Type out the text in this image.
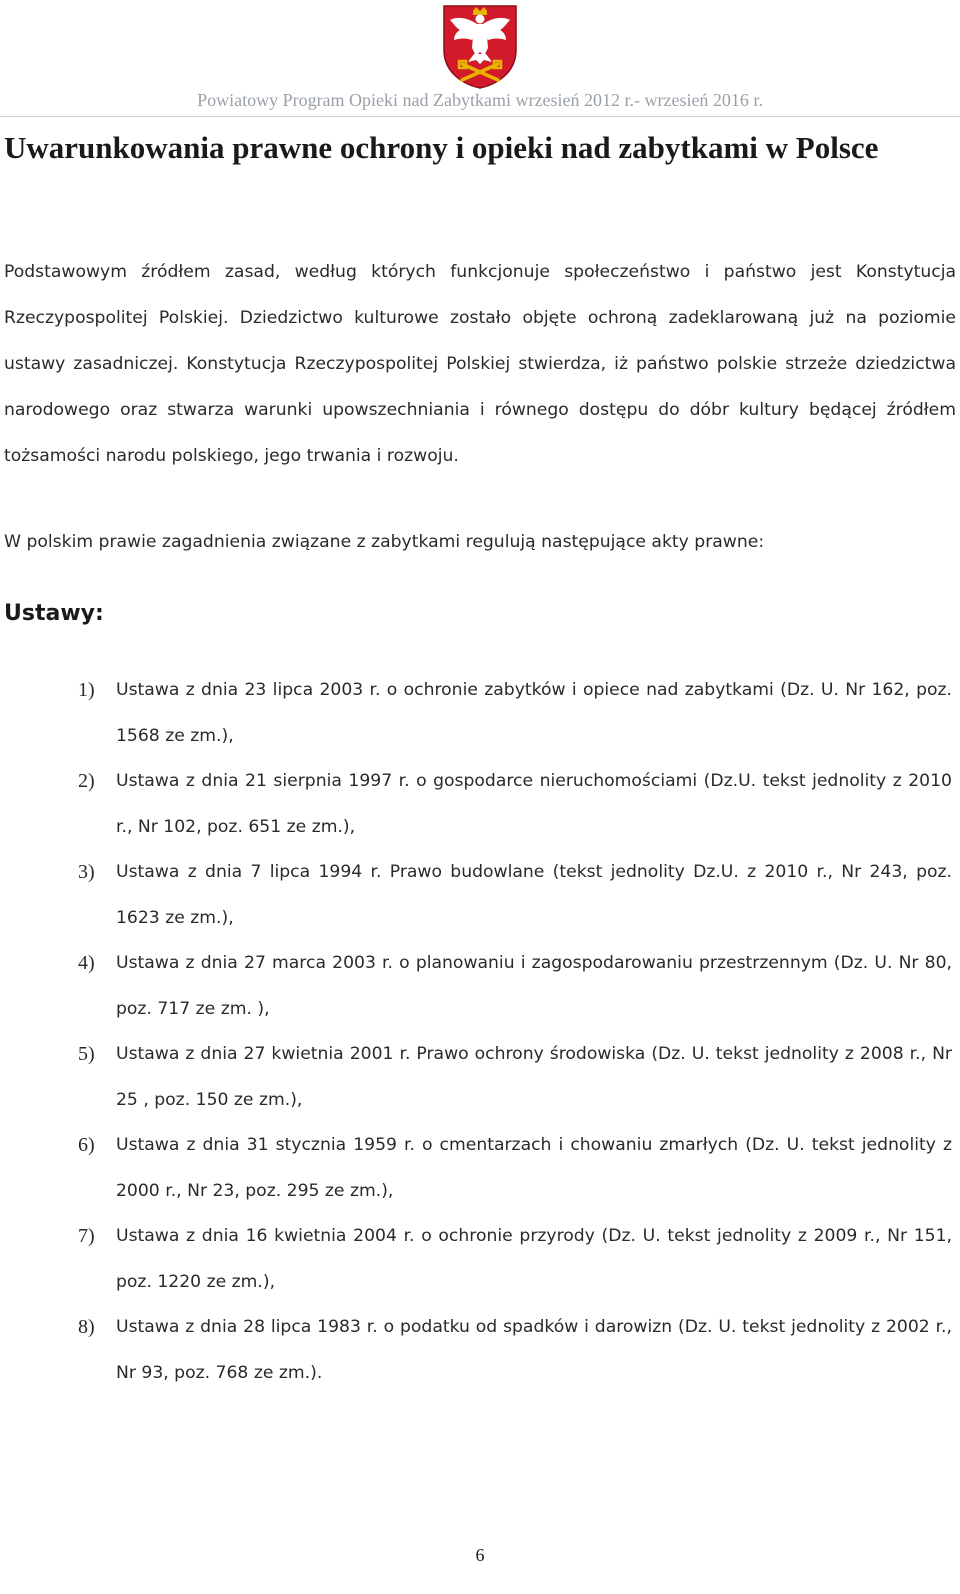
Powiatowy Program Opieki nad Zabytkami wrzesień 2012 r.- wrzesień 2016 r.
Uwarunkowania prawne ochrony i opieki nad zabytkami w Polsce

Podstawowym źródłem zasad, według których funkcjonuje społeczeństwo i państwo jest Konstytucja Rzeczypospolitej Polskiej. Dziedzictwo kulturowe zostało objęte ochroną zadeklarowaną już na poziomie ustawy zasadniczej. Konstytucja Rzeczypospolitej Polskiej stwierdza, iż państwo polskie strzeże dziedzictwa narodowego oraz stwarza warunki upowszechniania i równego dostępu do dóbr kultury będącej źródłem tożsamości narodu polskiego, jego trwania i rozwoju.

W polskim prawie zagadnienia związane z zabytkami regulują następujące akty prawne:

Ustawy:
1) Ustawa z dnia 23 lipca 2003 r. o ochronie zabytków i opiece nad zabytkami (Dz. U. Nr 162, poz. 1568 ze zm.),
2) Ustawa z dnia 21 sierpnia 1997 r. o gospodarce nieruchomościami (Dz.U. tekst jednolity z 2010 r., Nr 102, poz. 651 ze zm.),
3) Ustawa z dnia 7 lipca 1994 r. Prawo budowlane (tekst jednolity Dz.U. z 2010 r., Nr 243, poz. 1623 ze zm.),
4) Ustawa z dnia 27 marca 2003 r. o planowaniu i zagospodarowaniu przestrzennym (Dz. U. Nr 80, poz. 717 ze zm. ),
5) Ustawa z dnia 27 kwietnia 2001 r. Prawo ochrony środowiska (Dz. U. tekst jednolity z 2008 r., Nr 25 , poz. 150 ze zm.),
6) Ustawa z dnia 31 stycznia 1959 r. o cmentarzach i chowaniu zmarłych (Dz. U. tekst jednolity z 2000 r., Nr 23, poz. 295 ze zm.),
7) Ustawa z dnia 16 kwietnia 2004 r. o ochronie przyrody (Dz. U. tekst jednolity z 2009 r., Nr 151, poz. 1220 ze zm.),
8) Ustawa z dnia 28 lipca 1983 r. o podatku od spadków i darowizn (Dz. U. tekst jednolity z 2002 r., Nr 93, poz. 768 ze zm.).
6
